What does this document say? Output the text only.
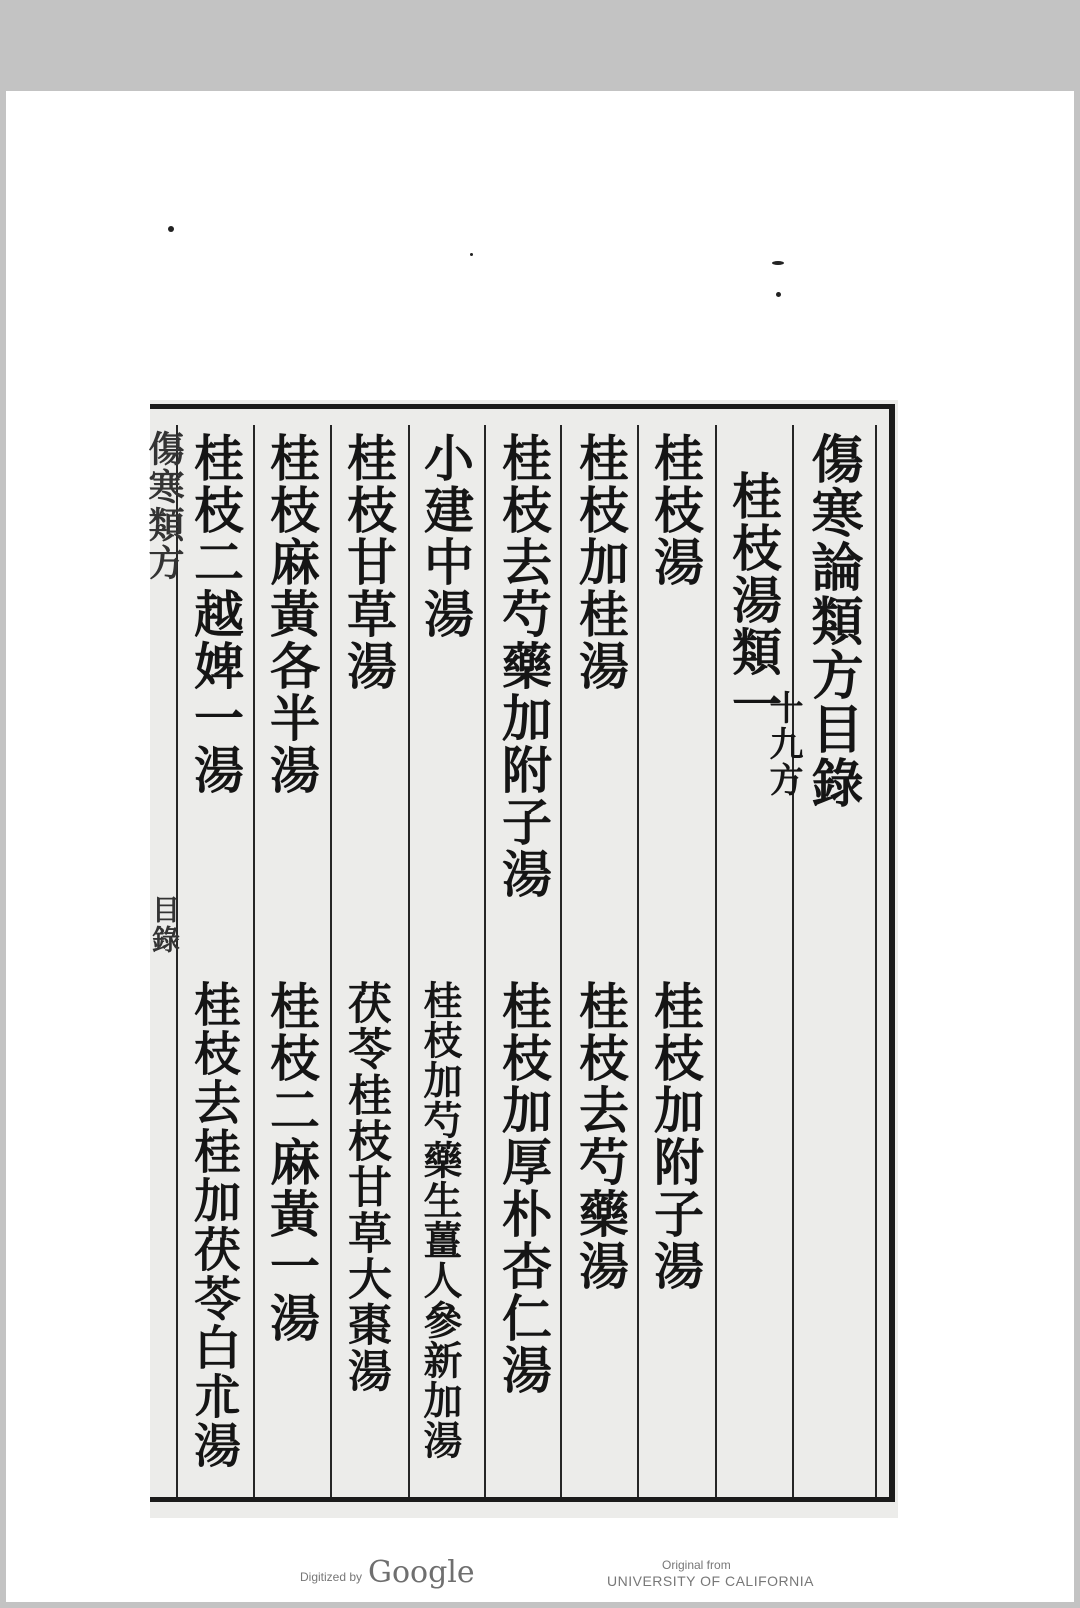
傷寒論類方目錄
桂枝湯類一
十九方
桂枝湯
桂枝加桂湯
桂枝去芍藥加附子湯
小建中湯
桂枝甘草湯
桂枝麻黃各半湯
桂枝二越婢一湯
桂枝加附子湯
桂枝去芍藥湯
桂枝加厚朴杏仁湯
桂枝加芍藥生薑人參新加湯
茯苓桂枝甘草大棗湯
桂枝二麻黃一湯
桂枝去桂加茯苓白朮湯
傷寒類方
目錄
Digitized by Google	Original from
UNIVERSITY OF CALIFORNIA
